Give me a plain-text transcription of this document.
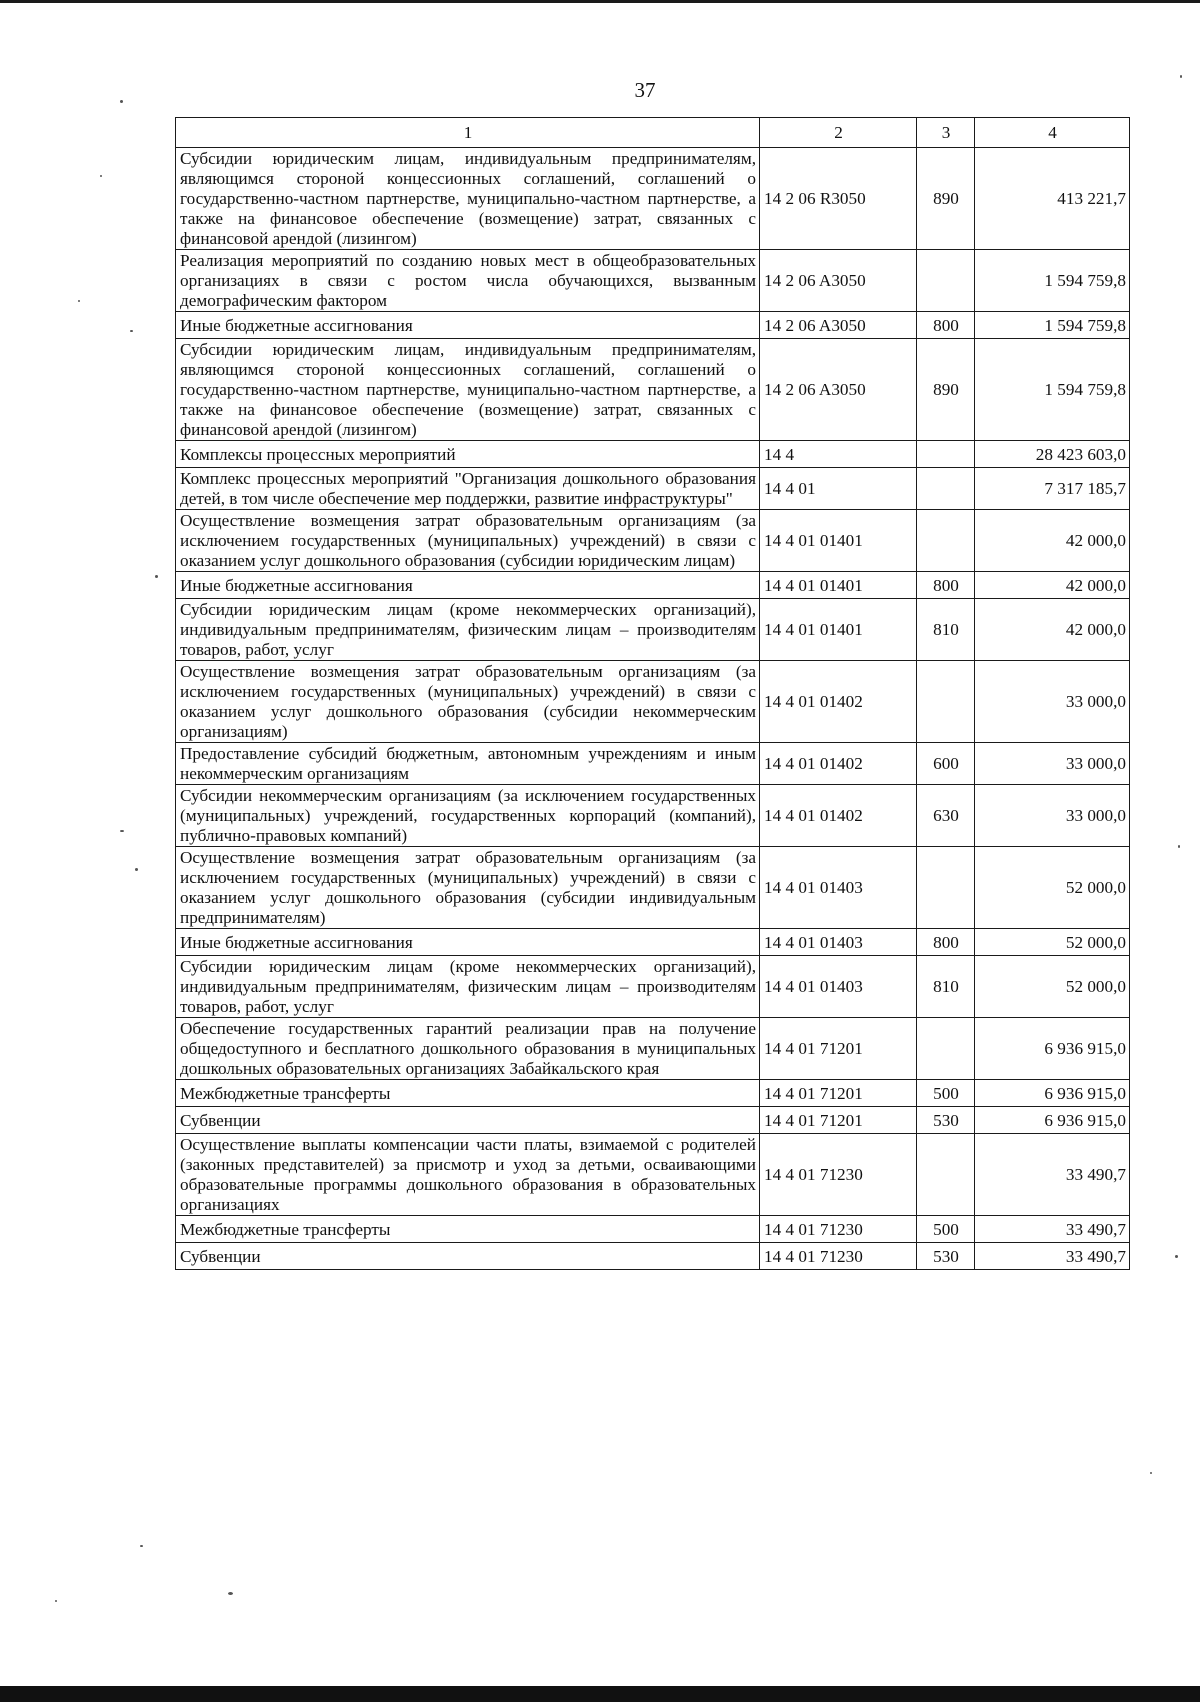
37
1	2	3	4
Субсидии юридическим лицам, индивидуальным предпринимателям, являющимся стороной концессионных соглашений, соглашений о государственно-частном партнерстве, муниципально-частном партнерстве, а также на финансовое обеспечение (возмещение) затрат, связанных с финансовой арендой (лизингом)	14 2 06 R3050	890	413 221,7
Реализация мероприятий по созданию новых мест в общеобразовательных организациях в связи с ростом числа обучающихся, вызванным демографическим фактором	14 2 06 A3050		1 594 759,8
Иные бюджетные ассигнования	14 2 06 A3050	800	1 594 759,8
Субсидии юридическим лицам, индивидуальным предпринимателям, являющимся стороной концессионных соглашений, соглашений о государственно-частном партнерстве, муниципально-частном партнерстве, а также на финансовое обеспечение (возмещение) затрат, связанных с финансовой арендой (лизингом)	14 2 06 A3050	890	1 594 759,8
Комплексы процессных мероприятий	14 4		28 423 603,0
Комплекс процессных мероприятий "Организация дошкольного образования детей, в том числе обеспечение мер поддержки, развитие инфраструктуры"	14 4 01		7 317 185,7
Осуществление возмещения затрат образовательным организациям (за исключением государственных (муниципальных) учреждений) в связи с оказанием услуг дошкольного образования (субсидии юридическим лицам)	14 4 01 01401		42 000,0
Иные бюджетные ассигнования	14 4 01 01401	800	42 000,0
Субсидии юридическим лицам (кроме некоммерческих организаций), индивидуальным предпринимателям, физическим лицам – производителям товаров, работ, услуг	14 4 01 01401	810	42 000,0
Осуществление возмещения затрат образовательным организациям (за исключением государственных (муниципальных) учреждений) в связи с оказанием услуг дошкольного образования (субсидии некоммерческим организациям)	14 4 01 01402		33 000,0
Предоставление субсидий бюджетным, автономным учреждениям и иным некоммерческим организациям	14 4 01 01402	600	33 000,0
Субсидии некоммерческим организациям (за исключением государственных (муниципальных) учреждений, государственных корпораций (компаний), публично-правовых компаний)	14 4 01 01402	630	33 000,0
Осуществление возмещения затрат образовательным организациям (за исключением государственных (муниципальных) учреждений) в связи с оказанием услуг дошкольного образования (субсидии индивидуальным предпринимателям)	14 4 01 01403		52 000,0
Иные бюджетные ассигнования	14 4 01 01403	800	52 000,0
Субсидии юридическим лицам (кроме некоммерческих организаций), индивидуальным предпринимателям, физическим лицам – производителям товаров, работ, услуг	14 4 01 01403	810	52 000,0
Обеспечение государственных гарантий реализации прав на получение общедоступного и бесплатного дошкольного образования в муниципальных дошкольных образовательных организациях Забайкальского края	14 4 01 71201		6 936 915,0
Межбюджетные трансферты	14 4 01 71201	500	6 936 915,0
Субвенции	14 4 01 71201	530	6 936 915,0
Осуществление выплаты компенсации части платы, взимаемой с родителей (законных представителей) за присмотр и уход за детьми, осваивающими образовательные программы дошкольного образования в образовательных организациях	14 4 01 71230		33 490,7
Межбюджетные трансферты	14 4 01 71230	500	33 490,7
Субвенции	14 4 01 71230	530	33 490,7
